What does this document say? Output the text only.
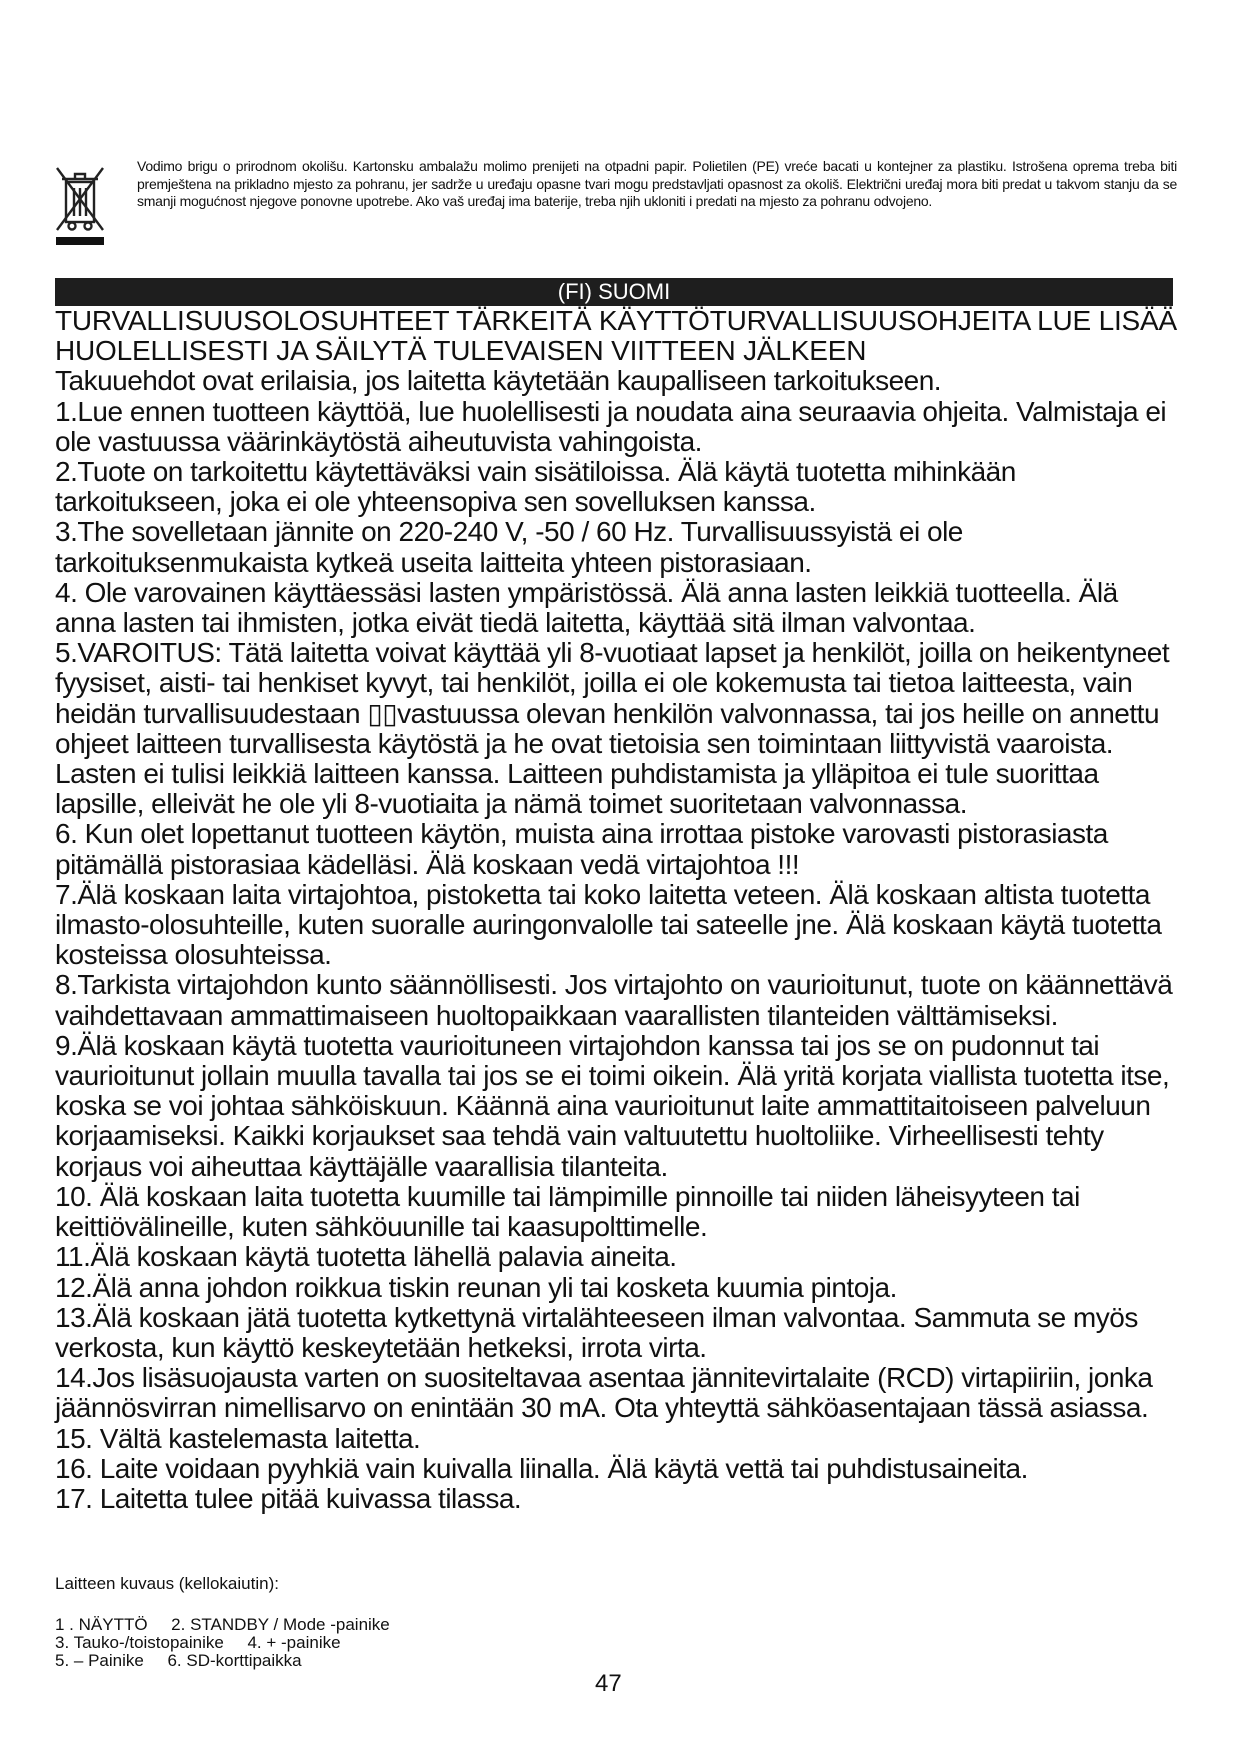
Vodimo brigu o prirodnom okolišu. Kartonsku ambalažu molimo prenijeti na otpadni papir. Polietilen (PE) vreće bacati u kontejner za plastiku. Istrošena oprema treba biti premještena na prikladno mjesto za pohranu, jer sadrže u uređaju opasne tvari mogu predstavljati opasnost za okoliš. Električni uređaj mora biti predat u takvom stanju da se smanji mogućnost njegove ponovne upotrebe. Ako vaš uređaj ima baterije, treba njih ukloniti i predati na mjesto za pohranu odvojeno.
(FI) SUOMI

TURVALLISUUSOLOSUHTEET TÄRKEITÄ KÄYTTÖTURVALLISUUSOHJEITA LUE LISÄÄ HUOLELLISESTI JA SÄILYTÄ TULEVAISEN VIITTEEN JÄLKEEN

Takuuehdot ovat erilaisia, jos laitetta käytetään kaupalliseen tarkoitukseen.

1.Lue ennen tuotteen käyttöä, lue huolellisesti ja noudata aina seuraavia ohjeita. Valmistaja ei ole vastuussa väärinkäytöstä aiheutuvista vahingoista.

2.Tuote on tarkoitettu käytettäväksi vain sisätiloissa. Älä käytä tuotetta mihinkään tarkoitukseen, joka ei ole yhteensopiva sen sovelluksen kanssa.

3.The sovelletaan jännite on 220-240 V, -50 / 60 Hz. Turvallisuussyistä ei ole tarkoituksenmukaista kytkeä useita laitteita yhteen pistorasiaan.

4. Ole varovainen käyttäessäsi lasten ympäristössä. Älä anna lasten leikkiä tuotteella. Älä anna lasten tai ihmisten, jotka eivät tiedä laitetta, käyttää sitä ilman valvontaa.

5.VAROITUS: Tätä laitetta voivat käyttää yli 8-vuotiaat lapset ja henkilöt, joilla on heikentyneet fyysiset, aisti- tai henkiset kyvyt, tai henkilöt, joilla ei ole kokemusta tai tietoa laitteesta, vain heidän turvallisuudestaan ▯▯vastuussa olevan henkilön valvonnassa, tai jos heille on annettu ohjeet laitteen turvallisesta käytöstä ja he ovat tietoisia sen toimintaan liittyvistä vaaroista. Lasten ei tulisi leikkiä laitteen kanssa. Laitteen puhdistamista ja ylläpitoa ei tule suorittaa lapsille, elleivät he ole yli 8-vuotiaita ja nämä toimet suoritetaan valvonnassa.

6. Kun olet lopettanut tuotteen käytön, muista aina irrottaa pistoke varovasti pistorasiasta pitämällä pistorasiaa kädelläsi. Älä koskaan vedä virtajohtoa !!!

7.Älä koskaan laita virtajohtoa, pistoketta tai koko laitetta veteen. Älä koskaan altista tuotetta ilmasto-olosuhteille, kuten suoralle auringonvalolle tai sateelle jne. Älä koskaan käytä tuotetta kosteissa olosuhteissa.

8.Tarkista virtajohdon kunto säännöllisesti. Jos virtajohto on vaurioitunut, tuote on käännettävä vaihdettavaan ammattimaiseen huoltopaikkaan vaarallisten tilanteiden välttämiseksi.

9.Älä koskaan käytä tuotetta vaurioituneen virtajohdon kanssa tai jos se on pudonnut tai vaurioitunut jollain muulla tavalla tai jos se ei toimi oikein. Älä yritä korjata viallista tuotetta itse, koska se voi johtaa sähköiskuun. Käännä aina vaurioitunut laite ammattitaitoiseen palveluun korjaamiseksi. Kaikki korjaukset saa tehdä vain valtuutettu huoltoliike. Virheellisesti tehty korjaus voi aiheuttaa käyttäjälle vaarallisia tilanteita.

10. Älä koskaan laita tuotetta kuumille tai lämpimille pinnoille tai niiden läheisyyteen tai keittiövälineille, kuten sähköuunille tai kaasupolttimelle.

11.Älä koskaan käytä tuotetta lähellä palavia aineita.

12.Älä anna johdon roikkua tiskin reunan yli tai kosketa kuumia pintoja.

13.Älä koskaan jätä tuotetta kytkettynä virtalähteeseen ilman valvontaa. Sammuta se myös verkosta, kun käyttö keskeytetään hetkeksi, irrota virta.

14.Jos lisäsuojausta varten on suositeltavaa asentaa jännitevirtalaite (RCD) virtapiiriin, jonka jäännösvirran nimellisarvo on enintään 30 mA. Ota yhteyttä sähköasentajaan tässä asiassa.

15. Vältä kastelemasta laitetta.

16. Laite voidaan pyyhkiä vain kuivalla liinalla. Älä käytä vettä tai puhdistusaineita.

17. Laitetta tulee pitää kuivassa tilassa.

Laitteen kuvaus (kellokaiutin):

1 . NÄYTTÖ     2. STANDBY / Mode -painike

3. Tauko-/toistopainike     4. + -painike

5. – Painike     6. SD-korttipaikka

47
